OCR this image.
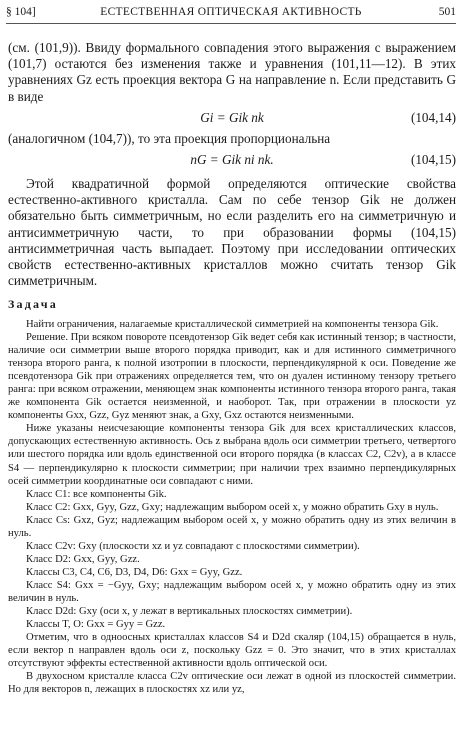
§ 104]	ЕСТЕСТВЕННАЯ ОПТИЧЕСКАЯ АКТИВНОСТЬ	501
(см. (101,9)). Ввиду формального совпадения этого выражения с выражением (101,7) остаются без изменения также и уравнения (101,11—12). В этих уравнениях Gz есть проекция вектора G на направление n. Если представить G в виде
Gi = Gik nk	(104,14)
(аналогичном (104,7)), то эта проекция пропорциональна
nG = Gik ni nk.	(104,15)
Этой квадратичной формой определяются оптические свойства естественно-активного кристалла. Сам по себе тензор Gik не должен обязательно быть симметричным, но если разделить его на симметричную и антисимметричную части, то при образовании формы (104,15) антисимметричная часть выпадает. Поэтому при исследовании оптических свойств естественно-активных кристаллов можно считать тензор Gik симметричным.
Задача

Найти ограничения, налагаемые кристаллической симметрией на компоненты тензора Gik.

Решение. При всяком повороте псевдотензор Gik ведет себя как истинный тензор; в частности, наличие оси симметрии выше второго порядка приводит, как и для истинного симметричного тензора второго ранга, к полной изотропии в плоскости, перпендикулярной к оси. Поведение же псевдотензора Gik при отражениях определяется тем, что он дуален истинному тензору третьего ранга: при всяком отражении, меняющем знак компоненты истинного тензора второго ранга, такая же компонента Gik остается неизменной, и наоборот. Так, при отражении в плоскости yz компоненты Gxx, Gzz, Gyz меняют знак, а Gxy, Gxz остаются неизменными.

Ниже указаны неисчезающие компоненты тензора Gik для всех кристаллических классов, допускающих естественную активность. Ось z выбрана вдоль оси симметрии третьего, четвертого или шестого порядка или вдоль единственной оси второго порядка (в классах C2, C2v), а в классе S4 — перпендикулярно к плоскости симметрии; при наличии трех взаимно перпендикулярных осей симметрии координатные оси совпадают с ними.

Класс C1: все компоненты Gik.

Класс C2: Gxx, Gyy, Gzz, Gxy; надлежащим выбором осей x, y можно обратить Gxy в нуль.

Класс Cs: Gxz, Gyz; надлежащим выбором осей x, y можно обратить одну из этих величин в нуль.

Класс C2v: Gxy (плоскости xz и yz совпадают с плоскостями симметрии).

Класс D2: Gxx, Gyy, Gzz.

Классы C3, C4, C6, D3, D4, D6: Gxx = Gyy, Gzz.

Класс S4: Gxx = −Gyy, Gxy; надлежащим выбором осей x, y можно обратить одну из этих величин в нуль.

Класс D2d: Gxy (оси x, y лежат в вертикальных плоскостях симметрии).

Классы T, O: Gxx = Gyy = Gzz.

Отметим, что в одноосных кристаллах классов S4 и D2d скаляр (104,15) обращается в нуль, если вектор n направлен вдоль оси z, поскольку Gzz = 0. Это значит, что в этих кристаллах отсутствуют эффекты естественной активности вдоль оптической оси.

В двухосном кристалле класса C2v оптические оси лежат в одной из плоскостей симметрии. Но для векторов n, лежащих в плоскостях xz или yz,
